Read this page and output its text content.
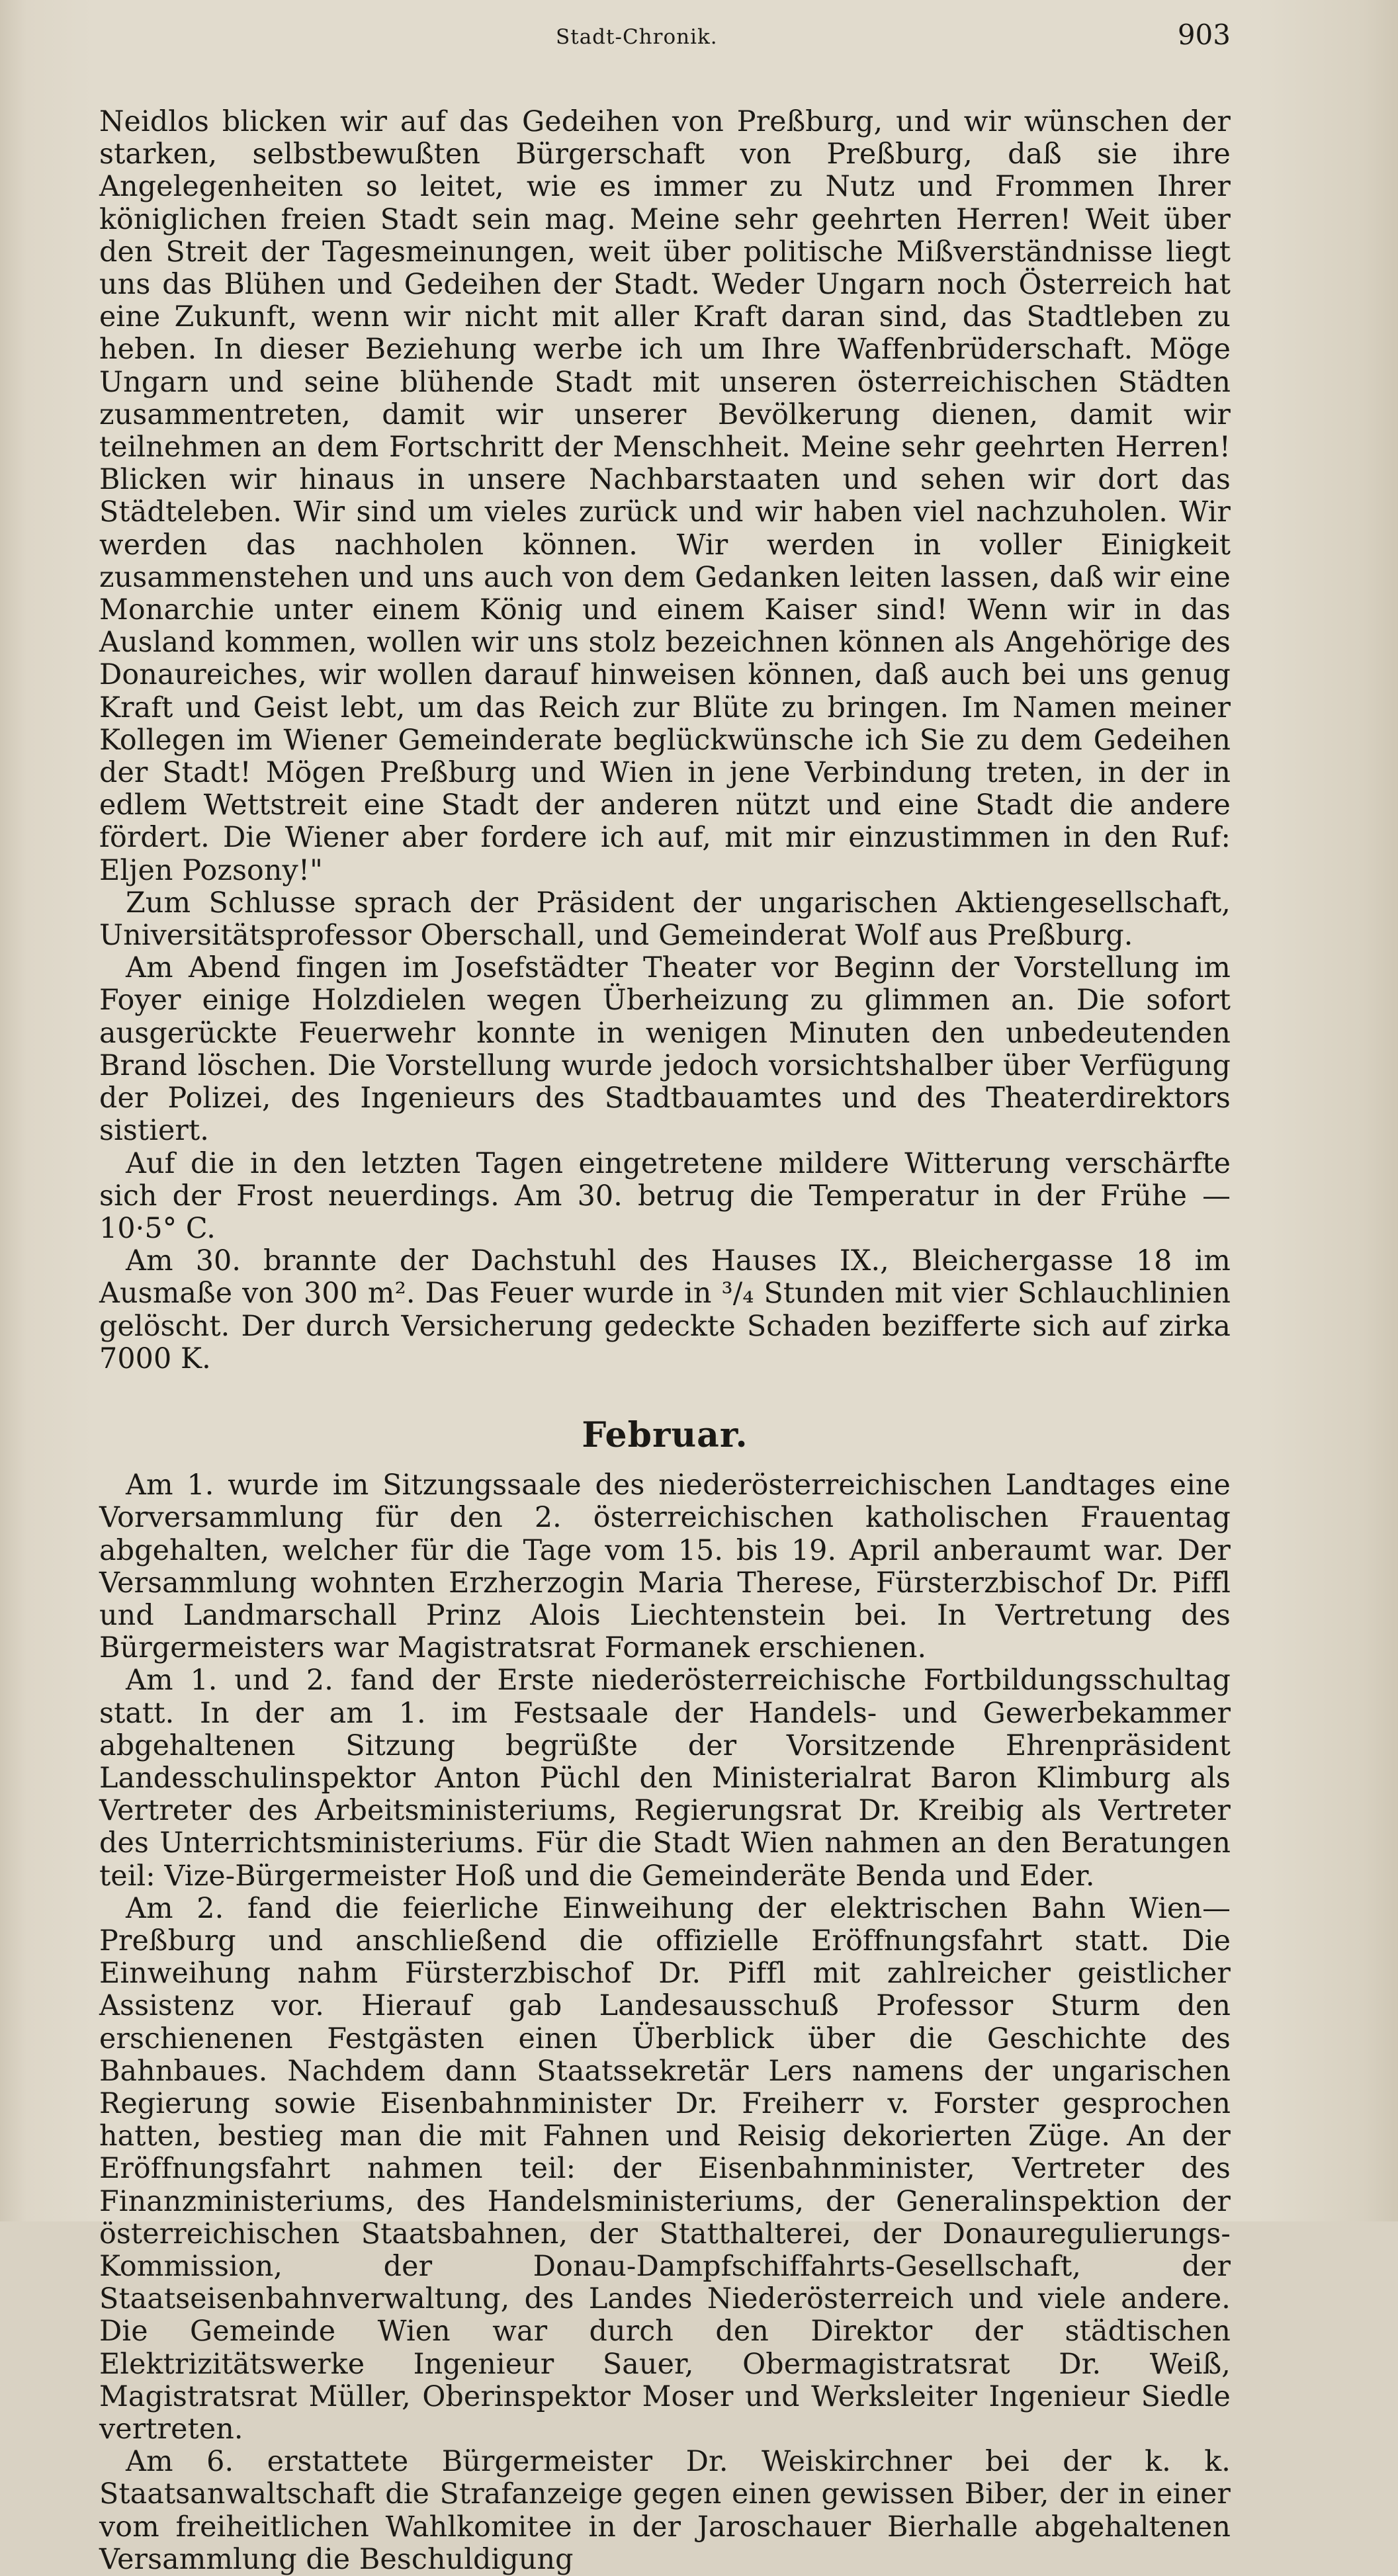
Stadt-Chronik.	903

Neidlos blicken wir auf das Gedeihen von Preßburg, und wir wünschen der starken, selbstbewußten Bürgerschaft von Preßburg, daß sie ihre Angelegenheiten so leitet, wie es immer zu Nutz und Frommen Ihrer königlichen freien Stadt sein mag. Meine sehr geehrten Herren! Weit über den Streit der Tagesmeinungen, weit über politische Mißverständnisse liegt uns das Blühen und Gedeihen der Stadt. Weder Ungarn noch Österreich hat eine Zukunft, wenn wir nicht mit aller Kraft daran sind, das Stadtleben zu heben. In dieser Beziehung werbe ich um Ihre Waffenbrüderschaft. Möge Ungarn und seine blühende Stadt mit unseren österreichischen Städten zusammentreten, damit wir unserer Bevölkerung dienen, damit wir teilnehmen an dem Fortschritt der Menschheit. Meine sehr geehrten Herren! Blicken wir hinaus in unsere Nachbarstaaten und sehen wir dort das Städteleben. Wir sind um vieles zurück und wir haben viel nachzuholen. Wir werden das nachholen können. Wir werden in voller Einigkeit zusammenstehen und uns auch von dem Gedanken leiten lassen, daß wir eine Monarchie unter einem König und einem Kaiser sind! Wenn wir in das Ausland kommen, wollen wir uns stolz bezeichnen können als Angehörige des Donaureiches, wir wollen darauf hinweisen können, daß auch bei uns genug Kraft und Geist lebt, um das Reich zur Blüte zu bringen. Im Namen meiner Kollegen im Wiener Gemeinderate beglückwünsche ich Sie zu dem Gedeihen der Stadt! Mögen Preßburg und Wien in jene Verbindung treten, in der in edlem Wettstreit eine Stadt der anderen nützt und eine Stadt die andere fördert. Die Wiener aber fordere ich auf, mit mir einzustimmen in den Ruf: Eljen Pozsony!"

Zum Schlusse sprach der Präsident der ungarischen Aktiengesellschaft, Universitätsprofessor Oberschall, und Gemeinderat Wolf aus Preßburg.

Am Abend fingen im Josefstädter Theater vor Beginn der Vorstellung im Foyer einige Holzdielen wegen Überheizung zu glimmen an. Die sofort ausgerückte Feuerwehr konnte in wenigen Minuten den unbedeutenden Brand löschen. Die Vorstellung wurde jedoch vorsichtshalber über Verfügung der Polizei, des Ingenieurs des Stadtbauamtes und des Theaterdirektors sistiert.

Auf die in den letzten Tagen eingetretene mildere Witterung verschärfte sich der Frost neuerdings. Am 30. betrug die Temperatur in der Frühe — 10·5° C.

Am 30. brannte der Dachstuhl des Hauses IX., Bleichergasse 18 im Ausmaße von 300 m². Das Feuer wurde in ³/₄ Stunden mit vier Schlauchlinien gelöscht. Der durch Versicherung gedeckte Schaden bezifferte sich auf zirka 7000 K.

Februar.

Am 1. wurde im Sitzungssaale des niederösterreichischen Landtages eine Vorversammlung für den 2. österreichischen katholischen Frauentag abgehalten, welcher für die Tage vom 15. bis 19. April anberaumt war. Der Versammlung wohnten Erzherzogin Maria Therese, Fürsterzbischof Dr. Piffl und Landmarschall Prinz Alois Liechtenstein bei. In Vertretung des Bürgermeisters war Magistratsrat Formanek erschienen.

Am 1. und 2. fand der Erste niederösterreichische Fortbildungsschultag statt. In der am 1. im Festsaale der Handels- und Gewerbekammer abgehaltenen Sitzung begrüßte der Vorsitzende Ehrenpräsident Landesschulinspektor Anton Püchl den Ministerialrat Baron Klimburg als Vertreter des Arbeitsministeriums, Regierungsrat Dr. Kreibig als Vertreter des Unterrichtsministeriums. Für die Stadt Wien nahmen an den Beratungen teil: Vize-Bürgermeister Hoß und die Gemeinderäte Benda und Eder.

Am 2. fand die feierliche Einweihung der elektrischen Bahn Wien—Preßburg und anschließend die offizielle Eröffnungsfahrt statt. Die Einweihung nahm Fürsterzbischof Dr. Piffl mit zahlreicher geistlicher Assistenz vor. Hierauf gab Landesausschuß Professor Sturm den erschienenen Festgästen einen Überblick über die Geschichte des Bahnbaues. Nachdem dann Staatssekretär Lers namens der ungarischen Regierung sowie Eisenbahnminister Dr. Freiherr v. Forster gesprochen hatten, bestieg man die mit Fahnen und Reisig dekorierten Züge. An der Eröffnungsfahrt nahmen teil: der Eisenbahnminister, Vertreter des Finanzministeriums, des Handelsministeriums, der Generalinspektion der österreichischen Staatsbahnen, der Statthalterei, der Donauregulierungs-Kommission, der Donau-Dampfschiffahrts-Gesellschaft, der Staatseisenbahnverwaltung, des Landes Niederösterreich und viele andere. Die Gemeinde Wien war durch den Direktor der städtischen Elektrizitätswerke Ingenieur Sauer, Obermagistratsrat Dr. Weiß, Magistratsrat Müller, Oberinspektor Moser und Werksleiter Ingenieur Siedle vertreten.

Am 6. erstattete Bürgermeister Dr. Weiskirchner bei der k. k. Staatsanwaltschaft die Strafanzeige gegen einen gewissen Biber, der in einer vom freiheitlichen Wahlkomitee in der Jaroschauer Bierhalle abgehaltenen Versammlung die Beschuldigung
